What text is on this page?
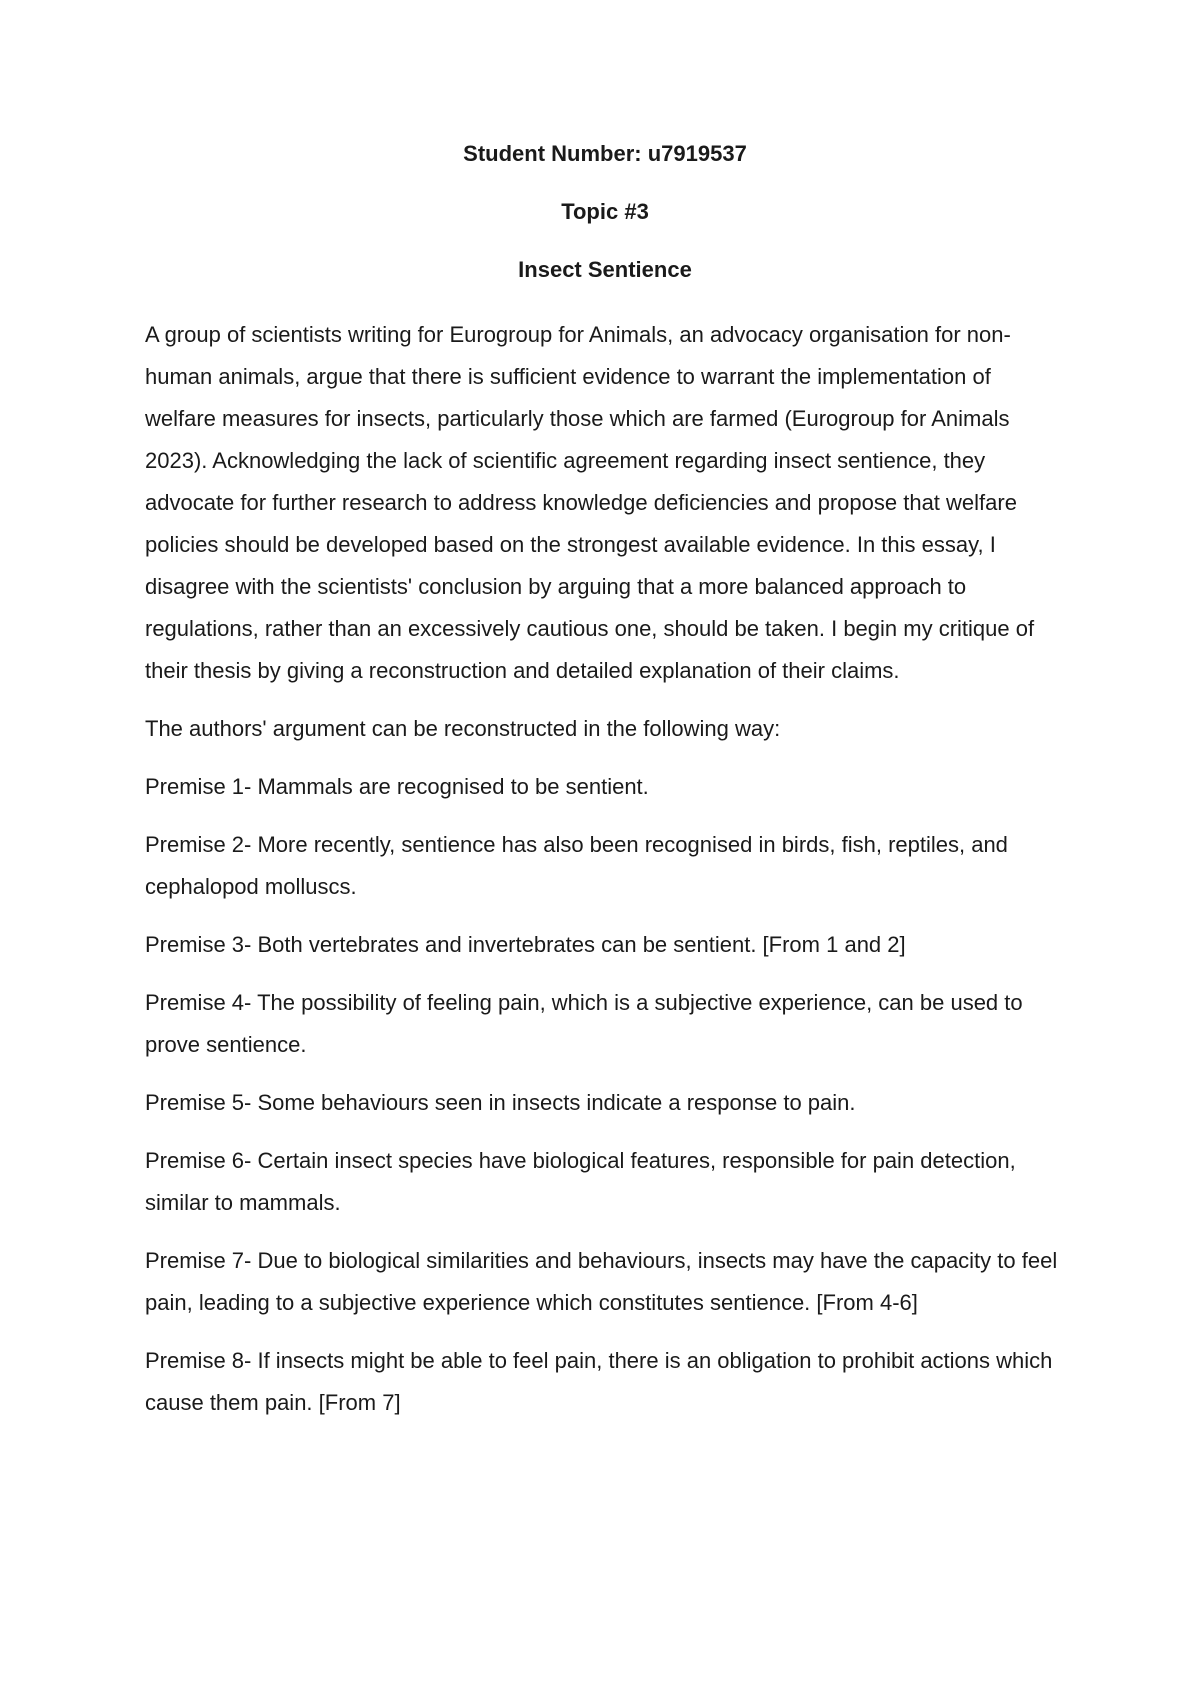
Student Number: u7919537

Topic #3

Insect Sentience

A group of scientists writing for Eurogroup for Animals, an advocacy organisation for non-human animals, argue that there is sufficient evidence to warrant the implementation of welfare measures for insects, particularly those which are farmed (Eurogroup for Animals 2023). Acknowledging the lack of scientific agreement regarding insect sentience, they advocate for further research to address knowledge deficiencies and propose that welfare policies should be developed based on the strongest available evidence. In this essay, I disagree with the scientists' conclusion by arguing that a more balanced approach to regulations, rather than an excessively cautious one, should be taken. I begin my critique of their thesis by giving a reconstruction and detailed explanation of their claims.

The authors' argument can be reconstructed in the following way:

Premise 1- Mammals are recognised to be sentient.

Premise 2- More recently, sentience has also been recognised in birds, fish, reptiles, and cephalopod molluscs.

Premise 3- Both vertebrates and invertebrates can be sentient. [From 1 and 2]

Premise 4- The possibility of feeling pain, which is a subjective experience, can be used to prove sentience.

Premise 5- Some behaviours seen in insects indicate a response to pain.

Premise 6- Certain insect species have biological features, responsible for pain detection, similar to mammals.

Premise 7- Due to biological similarities and behaviours, insects may have the capacity to feel pain, leading to a subjective experience which constitutes sentience. [From 4-6]

Premise 8- If insects might be able to feel pain, there is an obligation to prohibit actions which cause them pain. [From 7]
